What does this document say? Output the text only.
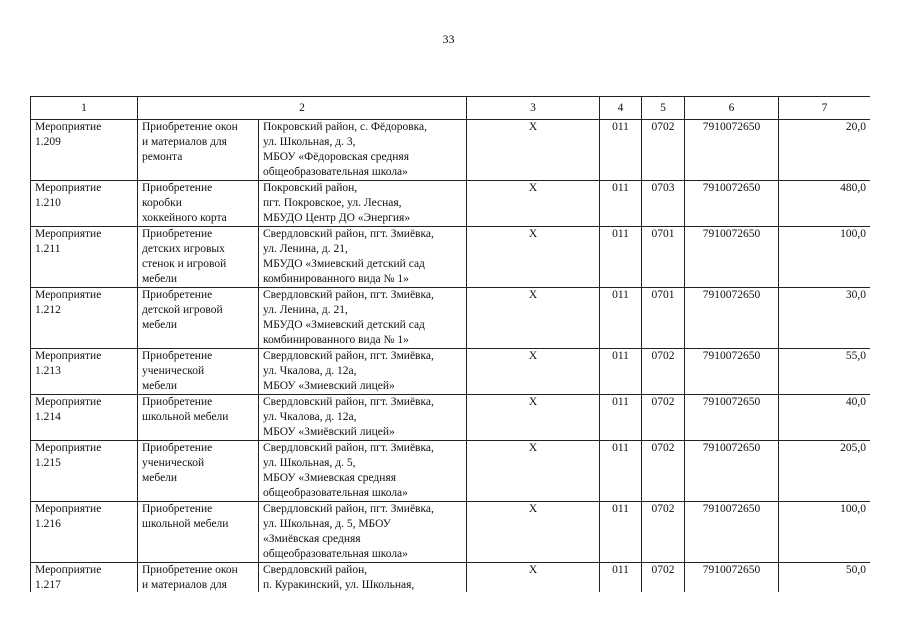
33
1	2		3	4	5	6	7

Мероприятие
1.209	Приобретение окон
и материалов для
ремонта	Покровский район, с. Фёдоровка,
ул. Школьная, д. 3,
МБОУ «Фёдоровская средняя
общеобразовательная школа»	X	011	0702	7910072650	20,0

Мероприятие
1.210	Приобретение
коробки
хоккейного корта	Покровский район,
пгт. Покровское, ул. Лесная,
МБУДО Центр ДО «Энергия»	X	011	0703	7910072650	480,0

Мероприятие
1.211	Приобретение
детских игровых
стенок и игровой
мебели	Свердловский район, пгт. Змиёвка,
ул. Ленина, д. 21,
МБУДО «Змиевский детский сад
комбинированного вида № 1»	X	011	0701	7910072650	100,0

Мероприятие
1.212	Приобретение
детской игровой
мебели	Свердловский район, пгт. Змиёвка,
ул. Ленина, д. 21,
МБУДО «Змиевский детский сад
комбинированного вида № 1»	X	011	0701	7910072650	30,0

Мероприятие
1.213	Приобретение
ученической
мебели	Свердловский район, пгт. Змиёвка,
ул. Чкалова, д. 12а,
МБОУ «Змиевский лицей»	X	011	0702	7910072650	55,0

Мероприятие
1.214	Приобретение
школьной мебели	Свердловский район, пгт. Змиёвка,
ул. Чкалова, д. 12а,
МБОУ «Змиёвский лицей»	X	011	0702	7910072650	40,0

Мероприятие
1.215	Приобретение
ученической
мебели	Свердловский район, пгт. Змиёвка,
ул. Школьная, д. 5,
МБОУ «Змиевская средняя
общеобразовательная школа»	X	011	0702	7910072650	205,0

Мероприятие
1.216	Приобретение
школьной мебели	Свердловский район, пгт. Змиёвка,
ул. Школьная, д. 5, МБОУ
«Змиёвская средняя
общеобразовательная школа»	X	011	0702	7910072650	100,0

Мероприятие
1.217	Приобретение окон
и материалов для	Свердловский район,
п. Куракинский, ул. Школьная,	X	011	0702	7910072650	50,0
